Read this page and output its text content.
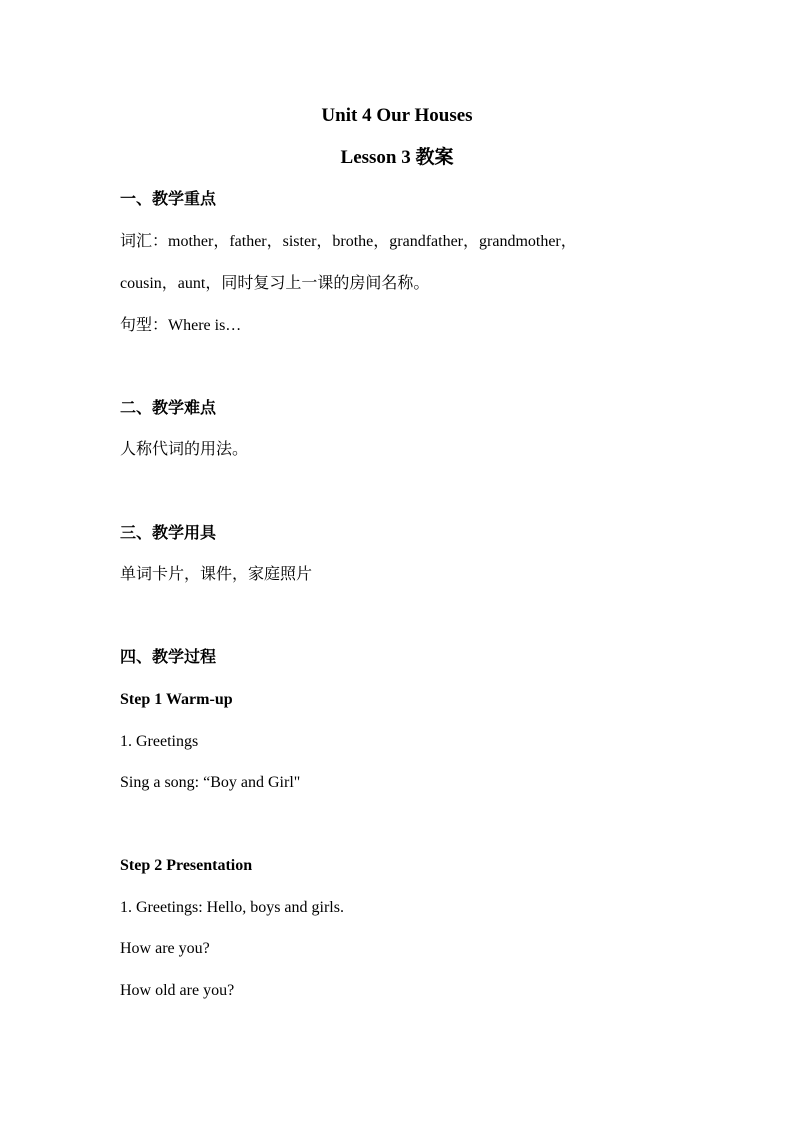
Unit 4 Our Houses
Lesson 3 教案
一、教学重点
词汇：mother，father，sister，brothe，grandfather，grandmother，
cousin，aunt，同时复习上一课的房间名称。
句型：Where is…
二、教学难点
人称代词的用法。
三、教学用具
单词卡片，课件，家庭照片
四、教学过程
Step 1 Warm-up
1. Greetings
Sing a song: “Boy and Girl"
Step 2 Presentation
1. Greetings: Hello, boys and girls.
How are you?
How old are you?
